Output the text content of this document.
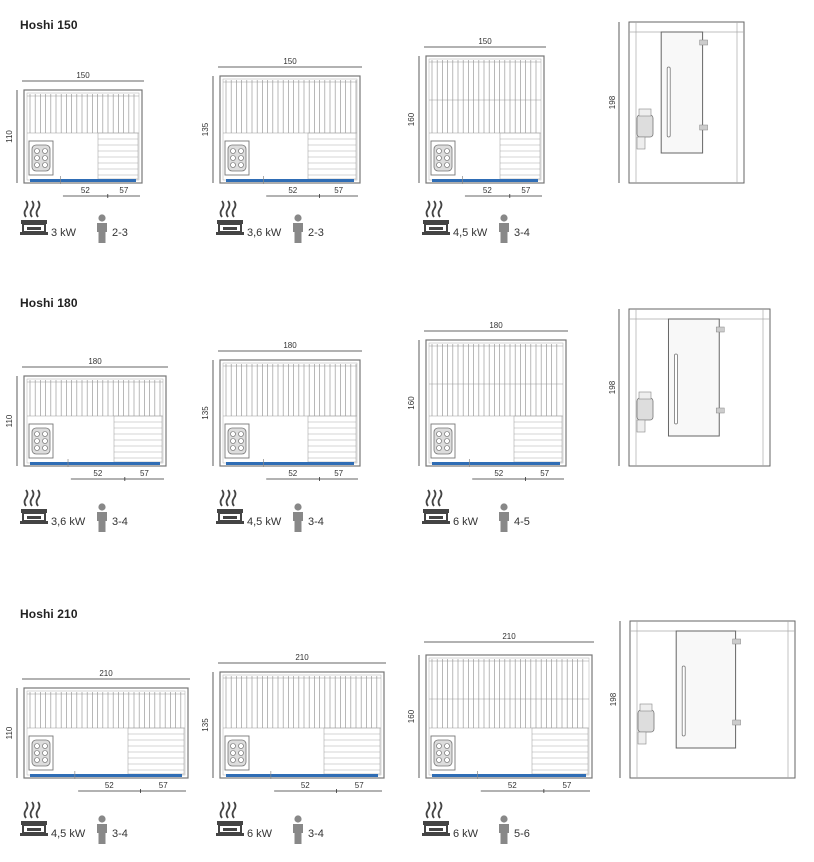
Hoshi 150
Hoshi 180
Hoshi 210
150
110
52	57
3 kW	2-3
150
135
52	57
3,6 kW 2-3
150
160
52	57
4,5 kW 3-4
198
180
110
52	57
3,6 kW 3-4
180
135
52	57
4,5 kW 3-4
180
160
52	57
6 kW	4-5
198
210
110
52	57
4,5 kW 3-4
210
135
52	57
6 kW	3-4
210
160
52	57
6 kW	5-6
198
